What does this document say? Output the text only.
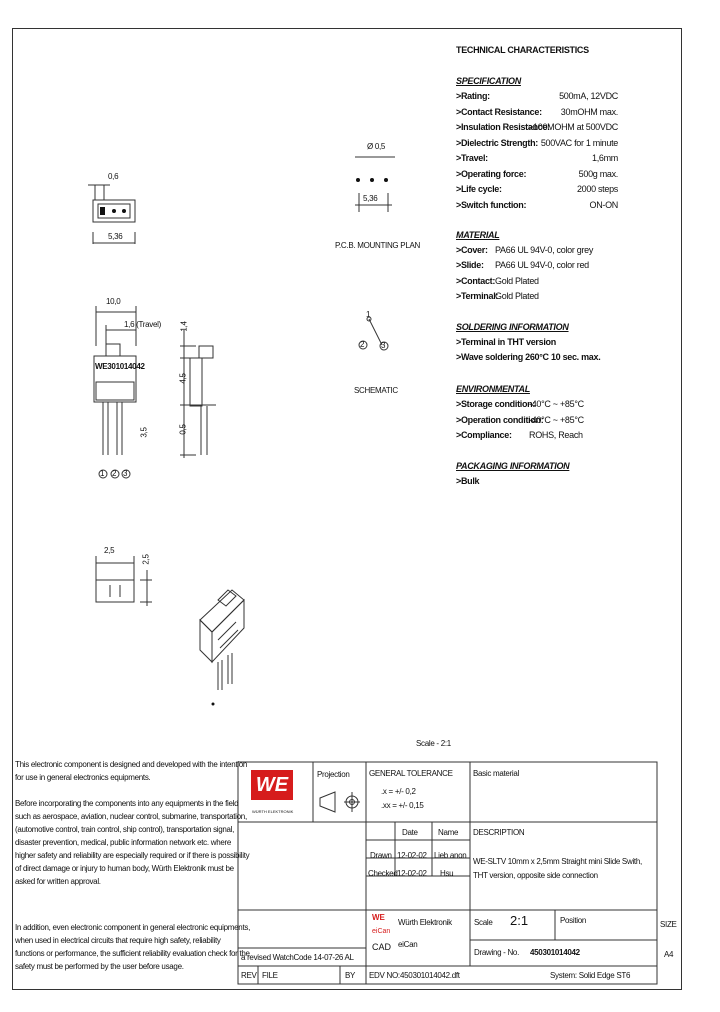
TECHNICAL CHARACTERISTICS
SPECIFICATION
>Rating:	500mA, 12VDC
>Contact Resistance: 30mOHM max.
>Insulation Resistance:
>100MOHM at 500VDC
>Dielectric Strength: 500VAC for 1 minute
>Travel:	1,6mm
>Operating force:	500g max.
>Life cycle:	2000 steps
>Switch function:	ON-ON
MATERIAL
>Cover: PA66 UL 94V-0, color grey
>Slide: PA66 UL 94V-0, color red
>Contact: Gold Plated
>Terminal:
Gold Plated
SOLDERING INFORMATION
>Terminal in THT version
>Wave soldering 260°C 10 sec. max.
ENVIRONMENTAL
>Storage condition:
-40°C ~ +85°C
>Operation condition:
-40°C ~ +85°C
>Compliance: ROHS, Reach
PACKAGING INFORMATION
>Bulk
0,6
5,36
Ø 0,5
5,36
P.C.B. MOUNTING PLAN
10,0
1,6 (Travel)
WE301014042
1,4
4,5
0,5
3,5
2,5
2,5
1 2 3
2
1
3
SCHEMATIC
Scale - 2:1
This electronic component is designed and developed with the intention
for use in general electronics equipments.
Before incorporating the components into any equipments in the field
such as aerospace, aviation, nuclear control, submarine, transportation,
(automotive control, train control, ship control), transportation signal,
disaster prevention, medical, public information network etc. where
higher safety and reliability are especially required or if there is possibility
of direct damage or injury to human body, Würth Elektronik must be
asked for written approval.
In addition, even electronic component in general electronic equipments,
when used in electrical circuits that require high safety, reliability
functions or performance, the sufficient reliability evaluation check for the
safety must be performed by the user before usage.
WE
WÜRTH ELEKTRONIK
Projection GENERAL TOLERANCE
.x = +/- 0,2
.xx = +/- 0,15
Basic material
Date	Name
Drawn 12-02-02 Lieb anon
Checked 12-02-02 Hsu
DESCRIPTION
WE-SLTV 10mm x 2,5mm Straight mini Slide Swith, THT version, opposite side connection
WE
eiCan
CAD
Würth Elektronik
eiCan
Scale 2:1	Position	SIZE
A4
Drawing - No. 450301014042
a revised WatchCode 14-07-26 AL
REV FILE	BY EDV NO: 450301014042.dft	System: Solid Edge ST6
